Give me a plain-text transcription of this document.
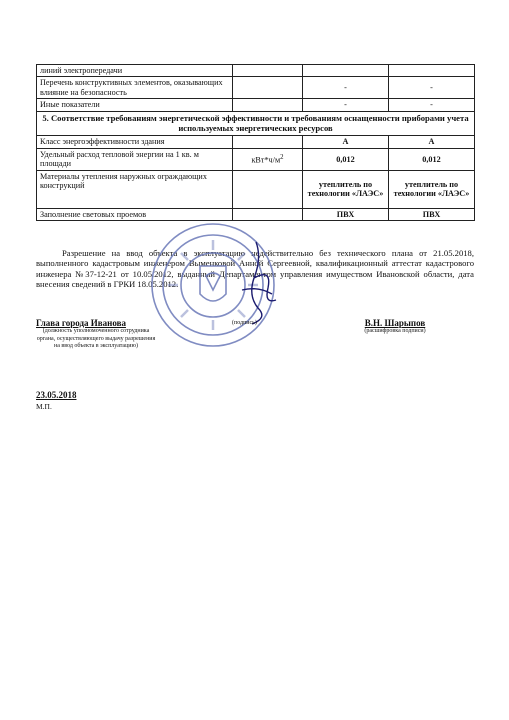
линий электропередачи			
Перечень конструктивных элементов, оказывающих влияние на безопасность		-	-
Иные показатели		-	-
5. Соответствие требованиям энергетической эффективности и требованиям оснащенности приборами учета используемых энергетических ресурсов			
Класс энергоэффективности здания		А	А
Удельный расход тепловой энергии на 1 кв. м площади	$кВт*ч/м^2$	0,012	0,012
Материалы утепления наружных ограждающих конструкций		утеплитель по технологии «ЛАЭС»	утеплитель по технологии «ЛАЭС»
Заполнение световых проемов		ПВХ	ПВХ

Разрешение на ввод объекта в эксплуатацию недействительно без технического плана от 21.05.2018, выполненного кадастровым инженером Выменковой Анной Сергеевной, квалификационный аттестат кадастрового инженера №37-12-21 от 10.05.2012, выданный Департаментом управления имуществом Ивановской области, дата внесения сведений в ГРКИ 18.05.2012.

Глава города Иванова
(должность уполномоченного сотрудника органа, осуществляющего выдачу разрешения на ввод объекта в эксплуатацию)
(подпись)	В.Н. Шарыпов
(расшифровка подписи)
23.05.2018
М.П.
